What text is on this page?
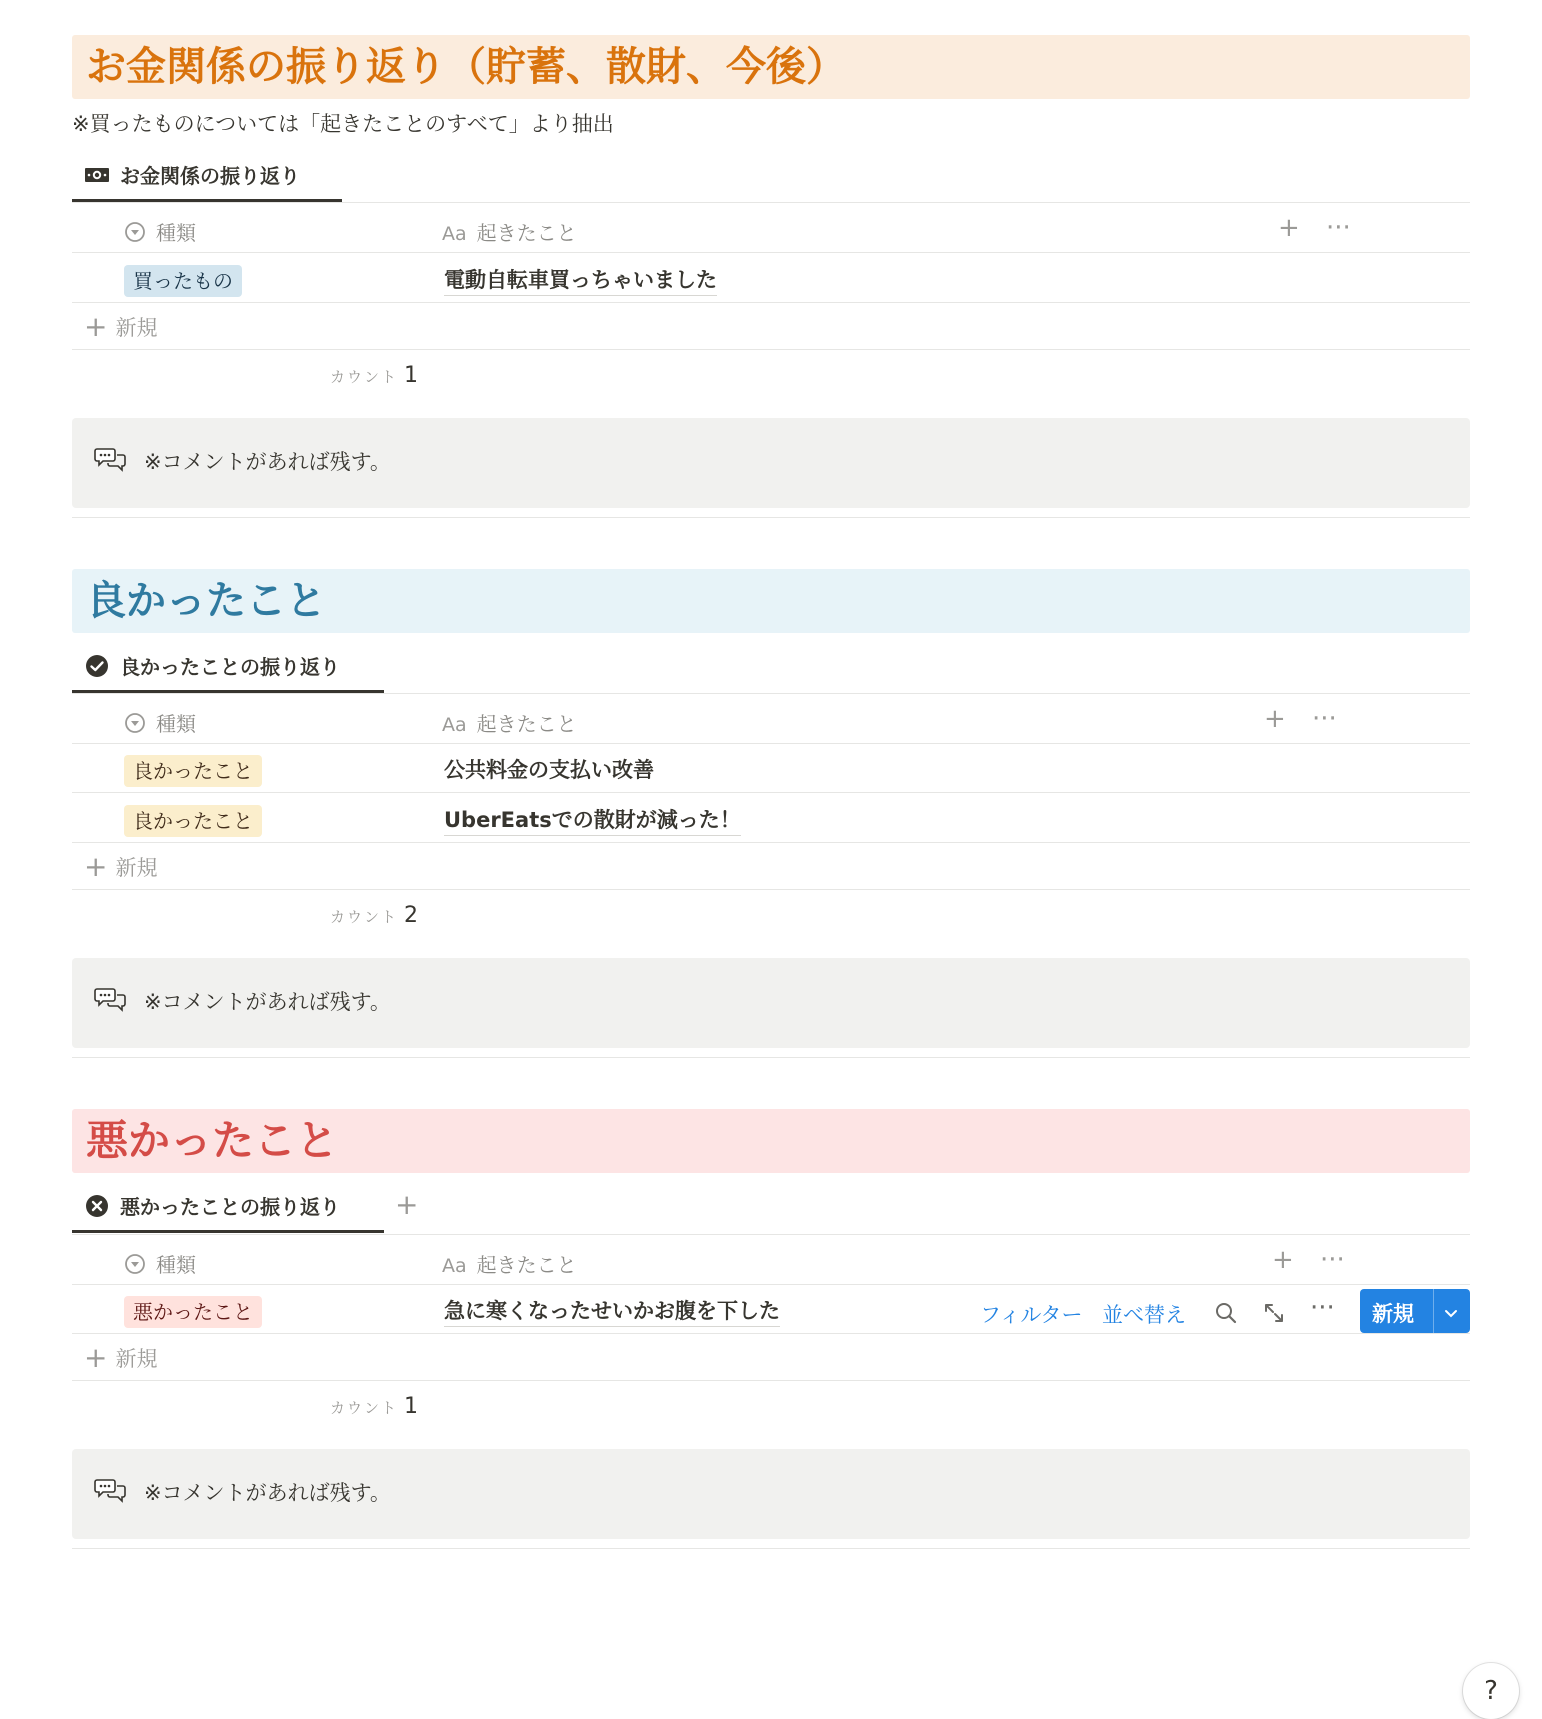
お金関係の振り返り（貯蓄、散財、今後）
※買ったものについては「起きたことのすべて」より抽出
お金関係の振り返り
種類	Aa 起きたこと	+ ···
買ったもの	電動自転車買っちゃいました
+ 新規
カウント 1
※コメントがあれば残す。
良かったこと
良かったことの振り返り
種類	Aa 起きたこと	+ ···
良かったこと	公共料金の支払い改善
良かったこと	UberEatsでの散財が減った！
+ 新規
カウント 2
※コメントがあれば残す。
悪かったこと
悪かったことの振り返り +
フィルター 並べ替え	··· 新規
種類	Aa 起きたこと	+ ···
悪かったこと	急に寒くなったせいかお腹を下した
+ 新規
カウント 1
※コメントがあれば残す。
?
